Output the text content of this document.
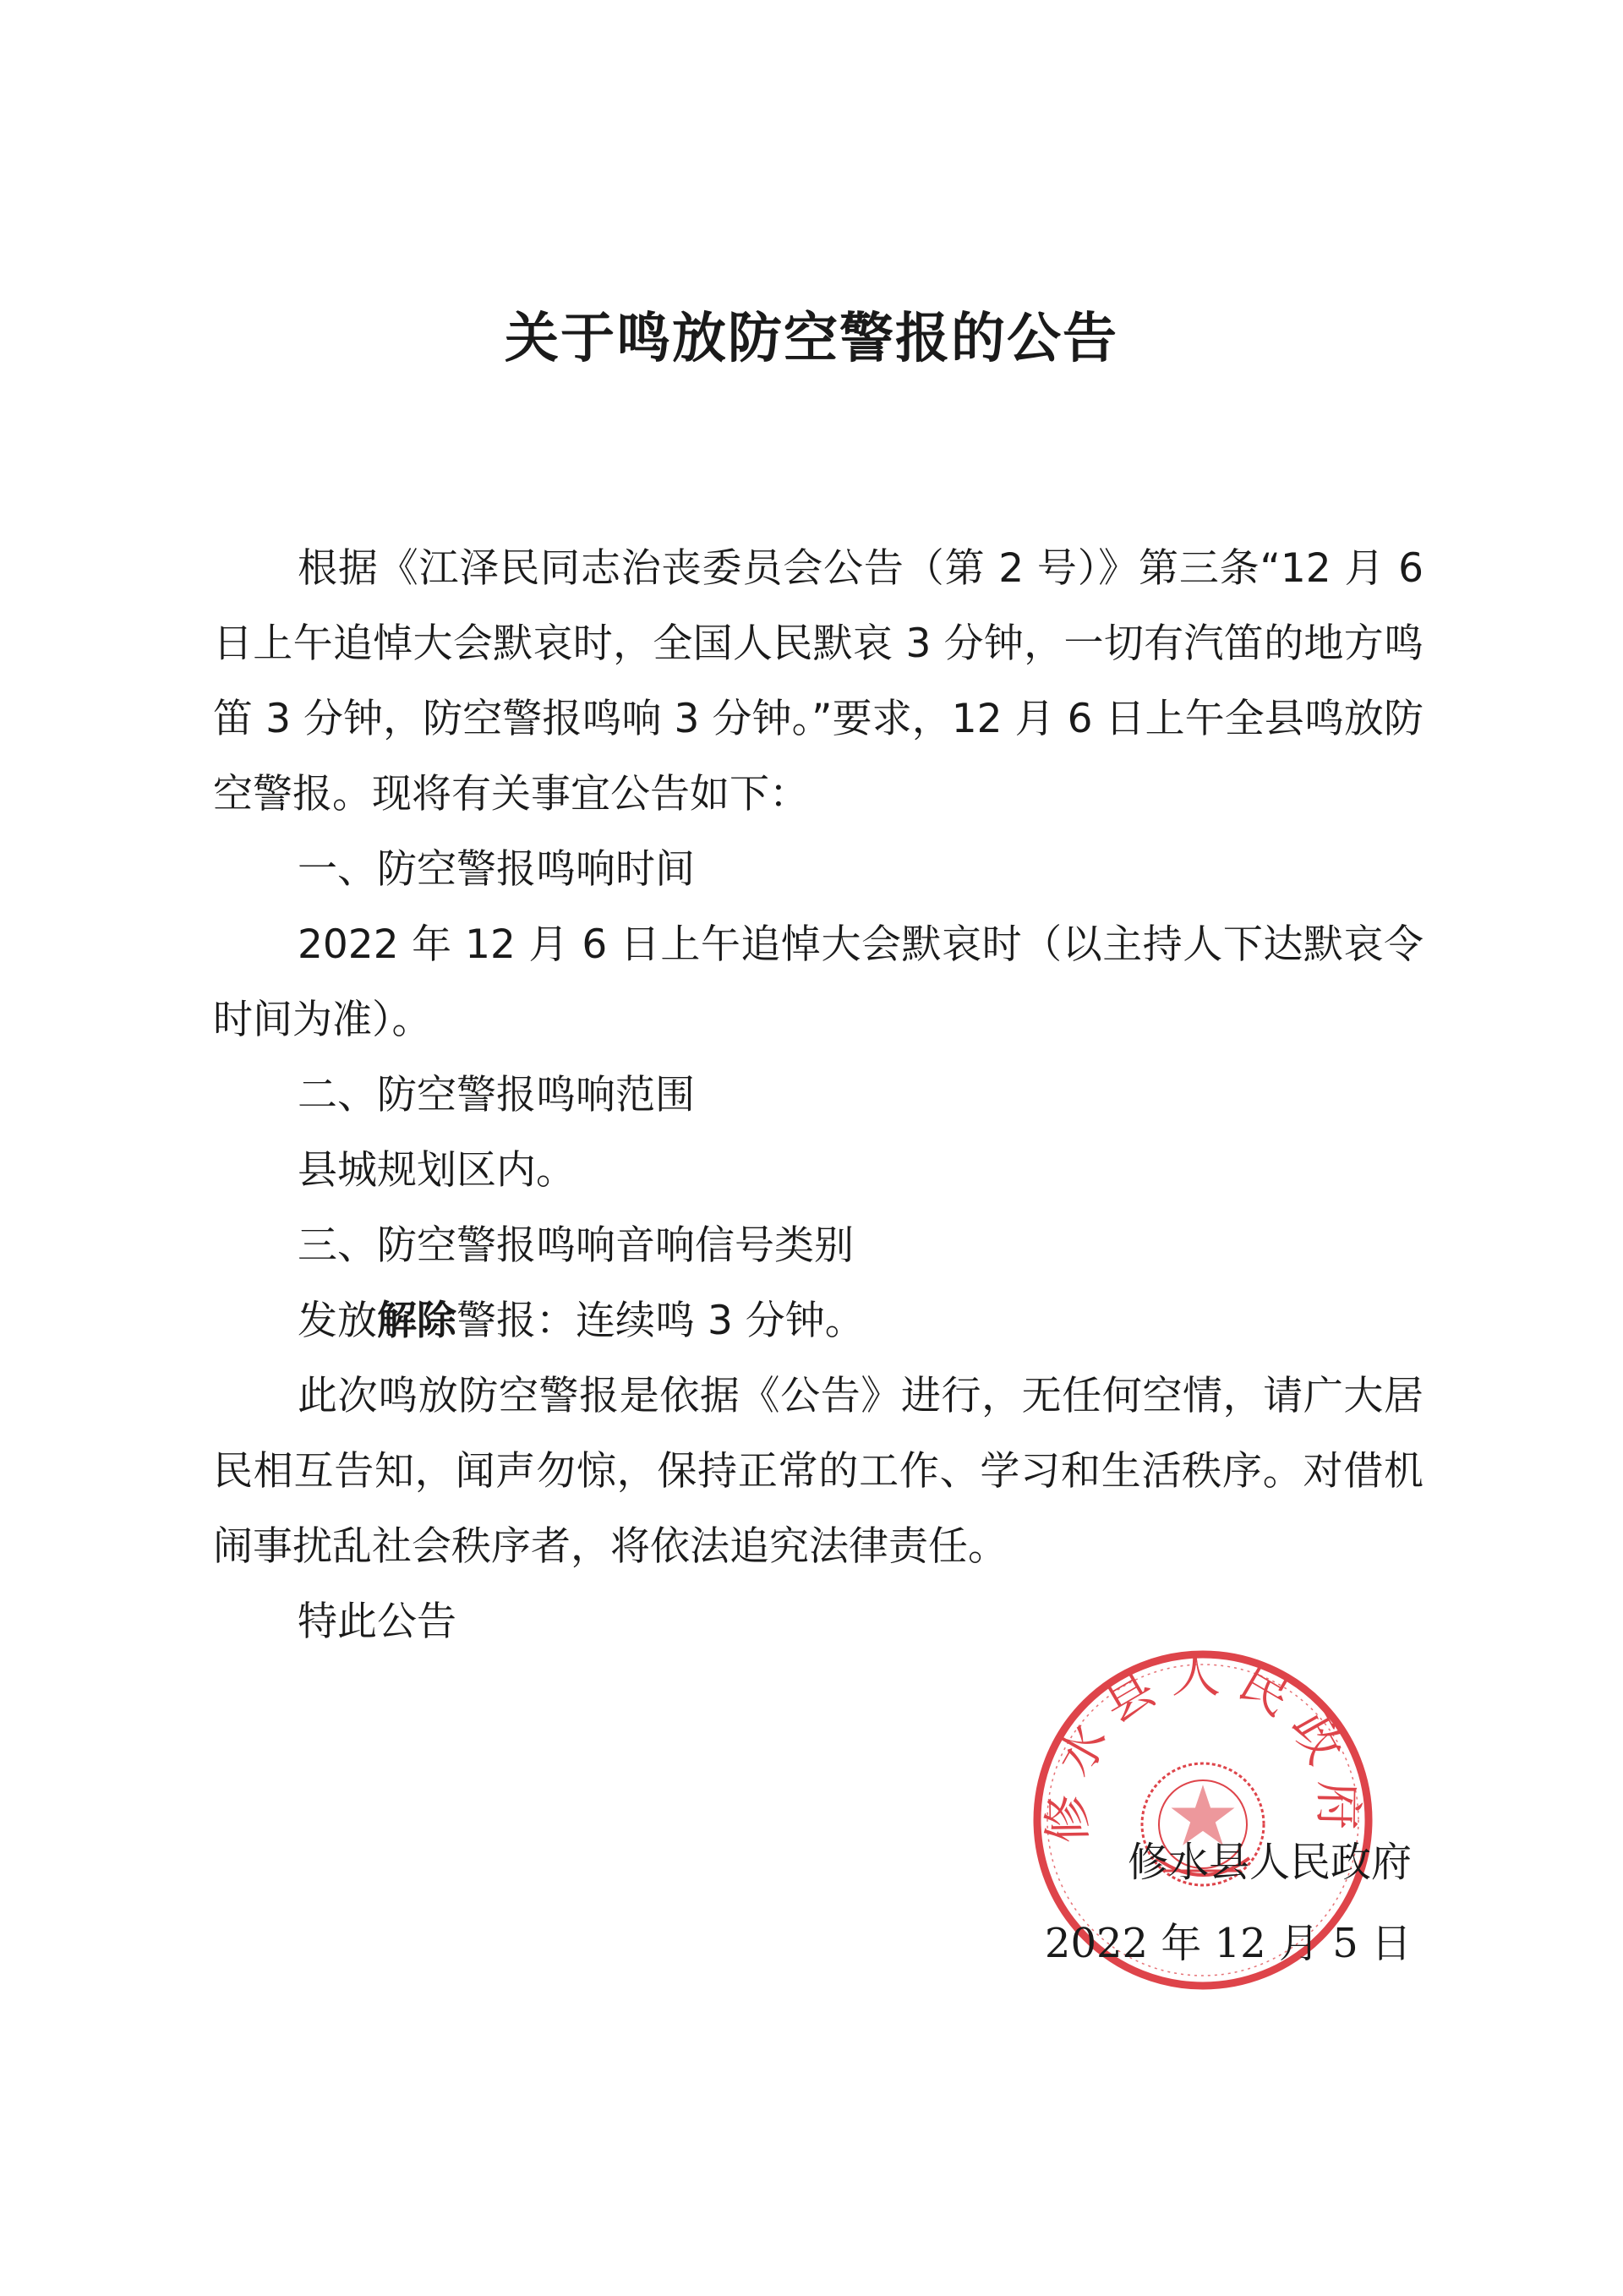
关于鸣放防空警报的公告

根据《江泽民同志治丧委员会公告（第 2 号）》第三条“12 月 6 日上午追悼大会默哀时，全国人民默哀 3 分钟，一切有汽笛的地方鸣笛 3 分钟，防空警报鸣响 3 分钟。”要求，12 月 6 日上午全县鸣放防空警报。现将有关事宜公告如下：

一、防空警报鸣响时间

2022 年 12 月 6 日上午追悼大会默哀时（以主持人下达默哀令时间为准）。

二、防空警报鸣响范围

县城规划区内。

三、防空警报鸣响音响信号类别

发放解除警报：连续鸣 3 分钟。

此次鸣放防空警报是依据《公告》进行，无任何空情，请广大居民相互告知，闻声勿惊，保持正常的工作、学习和生活秩序。对借机闹事扰乱社会秩序者，将依法追究法律责任。

特此公告

修水县人民政府
修水县人民政府
2022 年 12 月 5 日
